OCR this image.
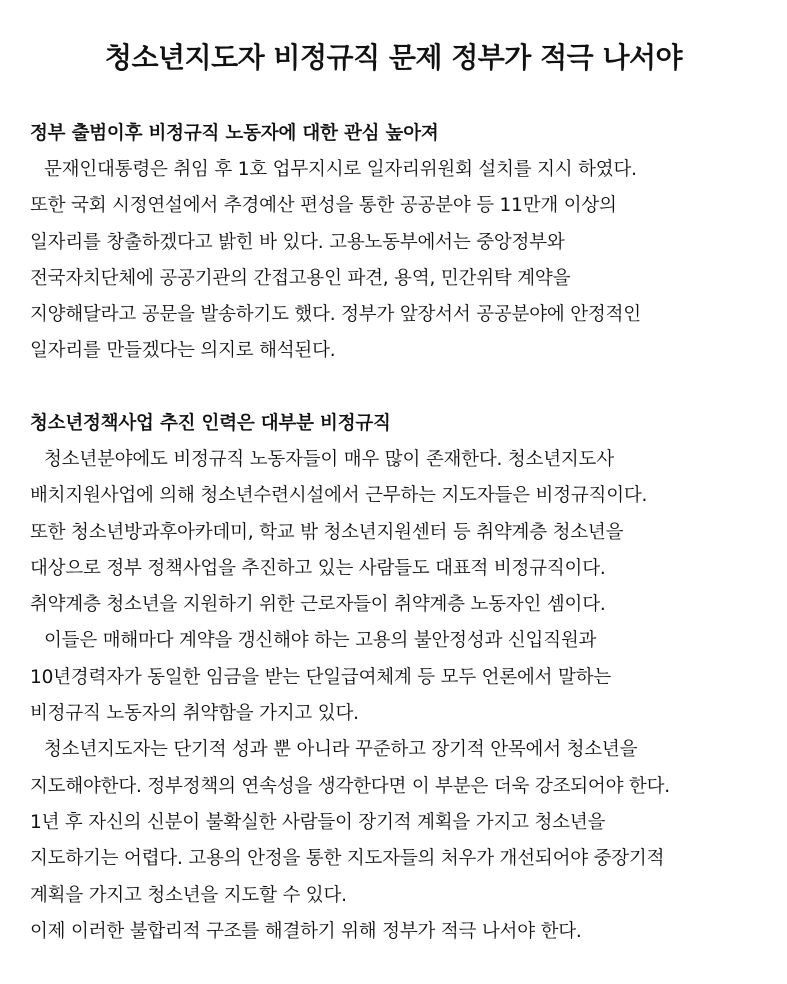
청소년지도자 비정규직 문제 정부가 적극 나서야

정부 출범이후 비정규직 노동자에 대한 관심 높아져

문재인대통령은 취임 후 1호 업무지시로 일자리위원회 설치를 지시 하였다.

또한 국회 시정연설에서 추경예산 편성을 통한 공공분야 등 11만개 이상의

일자리를 창출하겠다고 밝힌 바 있다. 고용노동부에서는 중앙정부와

전국자치단체에 공공기관의 간접고용인 파견, 용역, 민간위탁 계약을

지양해달라고 공문을 발송하기도 했다. 정부가 앞장서서 공공분야에 안정적인

일자리를 만들겠다는 의지로 해석된다.

청소년정책사업 추진 인력은 대부분 비정규직

청소년분야에도 비정규직 노동자들이 매우 많이 존재한다. 청소년지도사

배치지원사업에 의해 청소년수련시설에서 근무하는 지도자들은 비정규직이다.

또한 청소년방과후아카데미, 학교 밖 청소년지원센터 등 취약계층 청소년을

대상으로 정부 정책사업을 추진하고 있는 사람들도 대표적 비정규직이다.

취약계층 청소년을 지원하기 위한 근로자들이 취약계층 노동자인 셈이다.

이들은 매해마다 계약을 갱신해야 하는 고용의 불안정성과 신입직원과

10년경력자가 동일한 임금을 받는 단일급여체계 등 모두 언론에서 말하는

비정규직 노동자의 취약함을 가지고 있다.

청소년지도자는 단기적 성과 뿐 아니라 꾸준하고 장기적 안목에서 청소년을

지도해야한다. 정부정책의 연속성을 생각한다면 이 부분은 더욱 강조되어야 한다.

1년 후 자신의 신분이 불확실한 사람들이 장기적 계획을 가지고 청소년을

지도하기는 어렵다. 고용의 안정을 통한 지도자들의 처우가 개선되어야 중장기적

계획을 가지고 청소년을 지도할 수 있다.

이제 이러한 불합리적 구조를 해결하기 위해 정부가 적극 나서야 한다.
